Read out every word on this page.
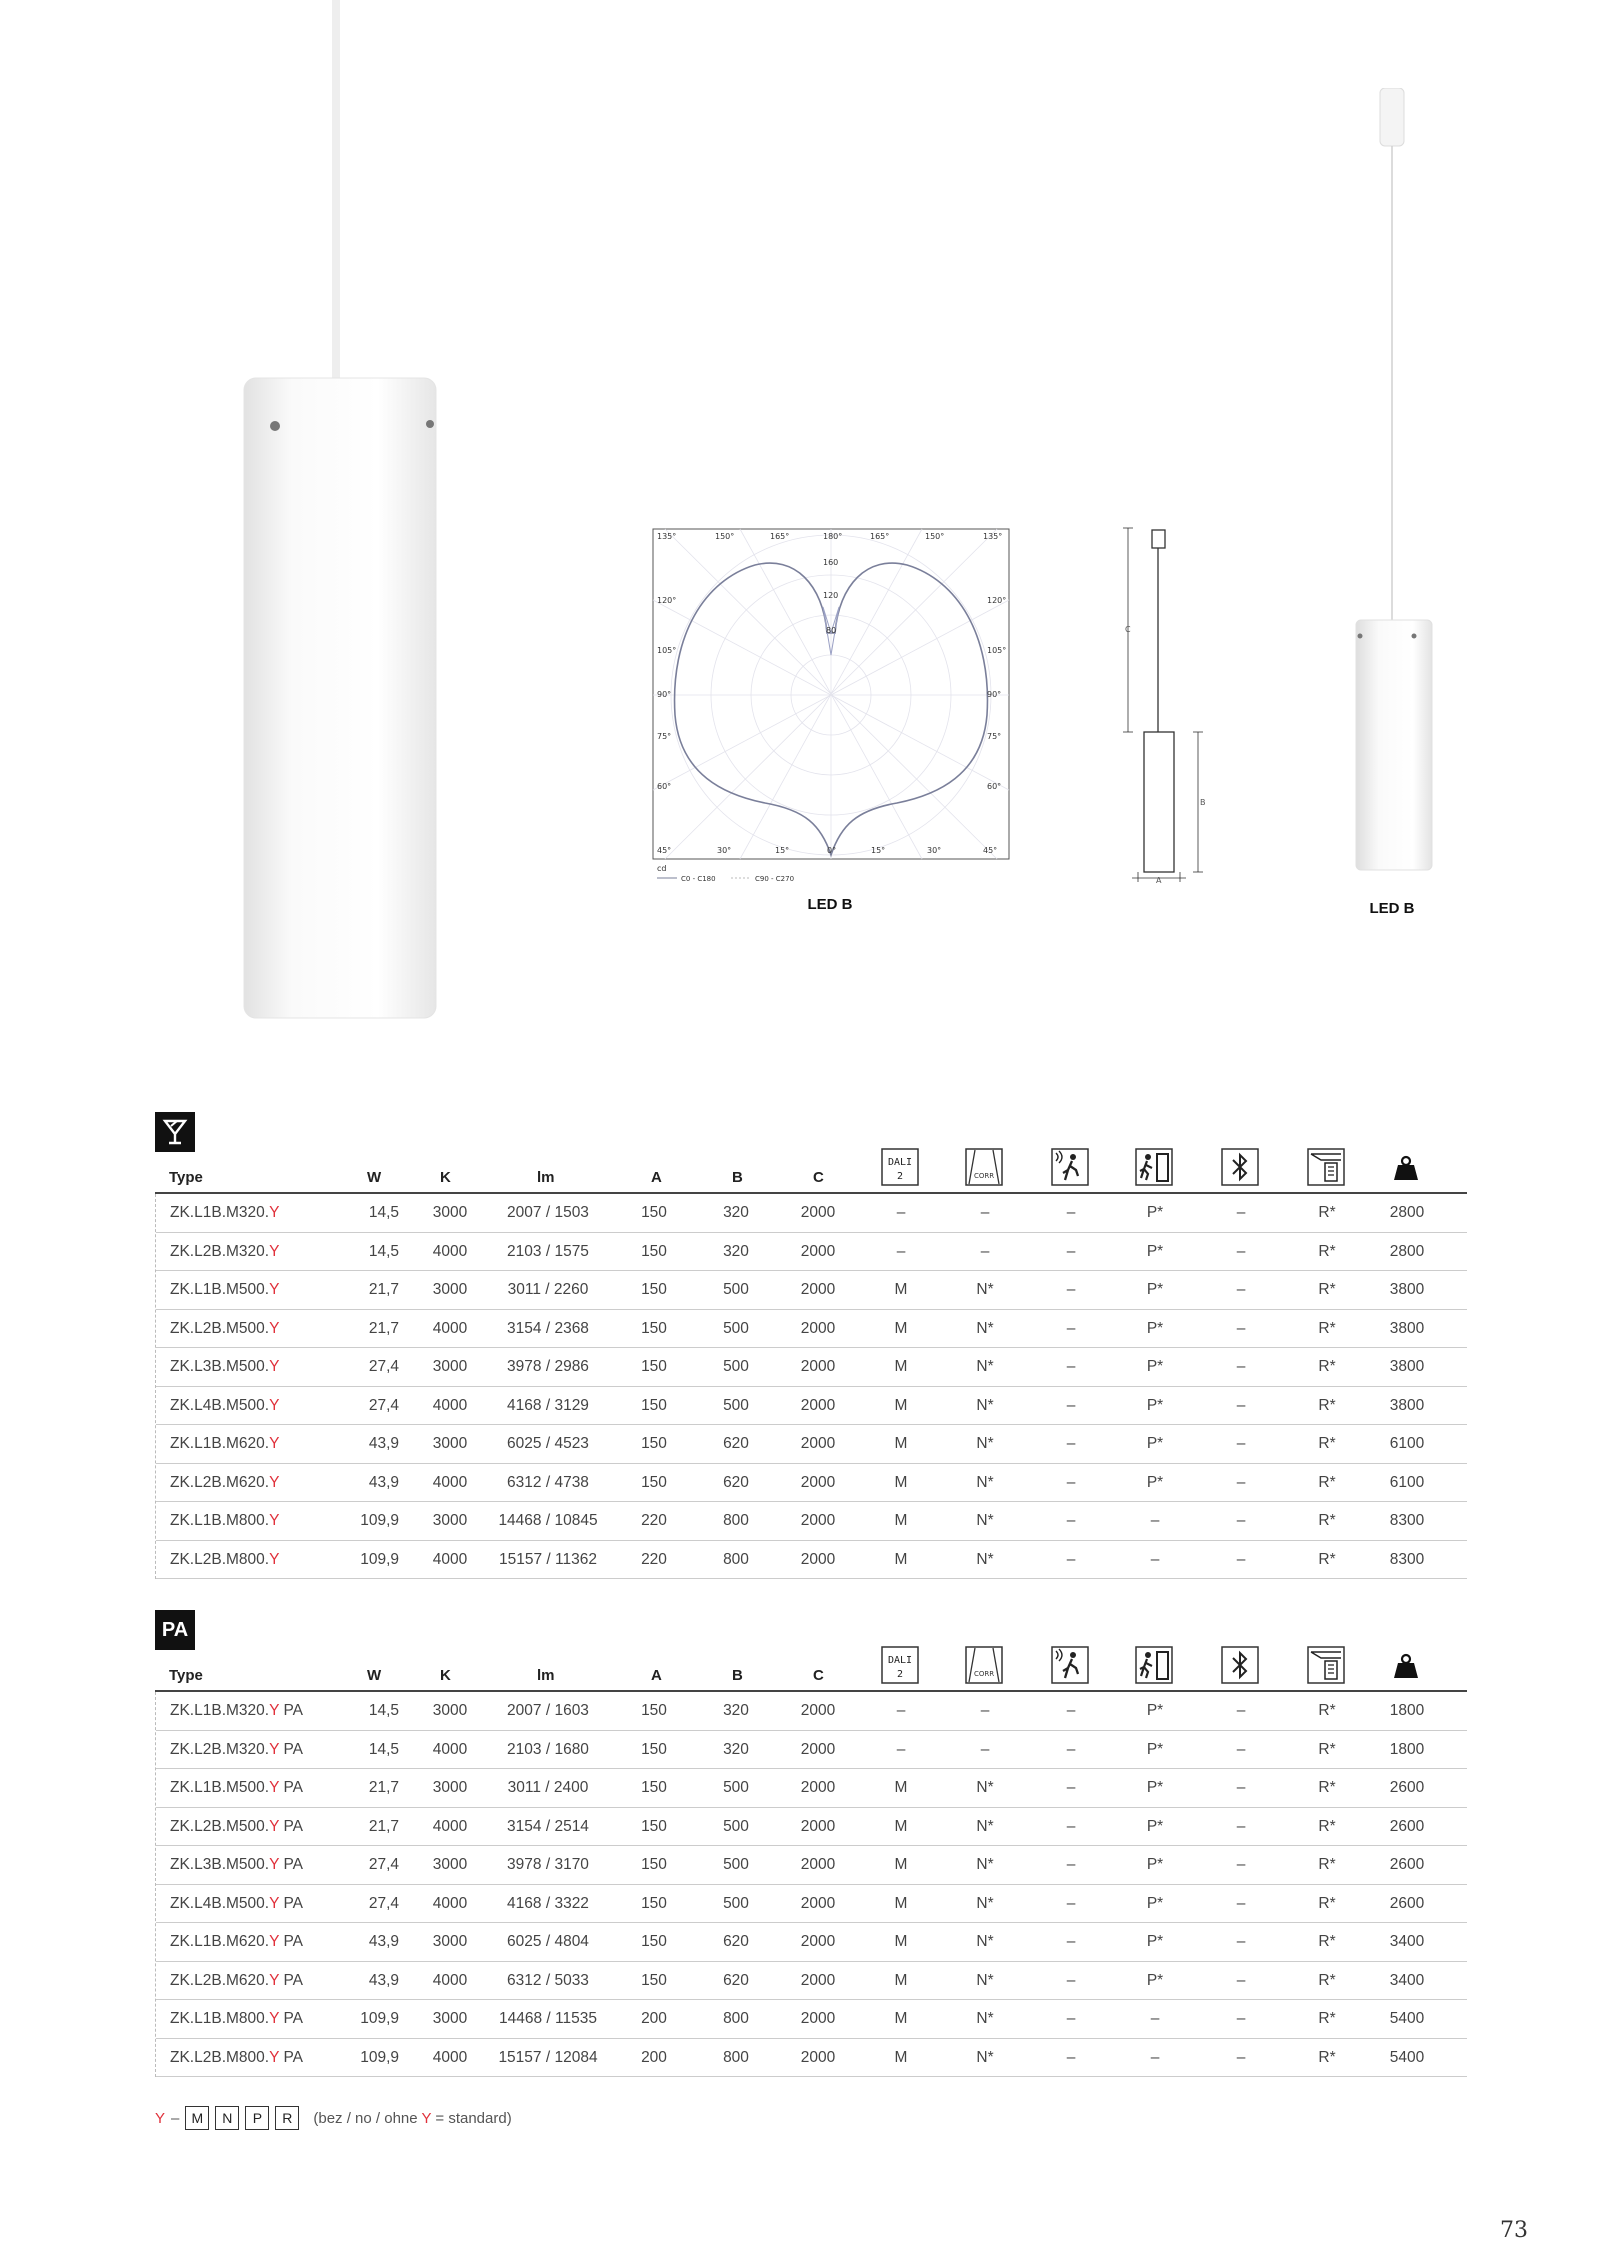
135°	150°	165°	180°	165°	150°	135°
120°
105°
90°
75°
60°
120°
105°
90°
75°
60°
45°	30°	15°	0°	15°	30°	45°
160
120
80
cd
C0 - C180	C90 - C270
LED B
C
B
A
LED B
Type	W	K	lm	A	B	C
DALI
2	CORR
ZK.L1B.M320.Y	14,5	3000	2007 / 1503	150	320	2000	–	–	–	P*	–	R*	2800
ZK.L2B.M320.Y	14,5	4000	2103 / 1575	150	320	2000	–	–	–	P*	–	R*	2800
ZK.L1B.M500.Y	21,7	3000	3011 / 2260	150	500	2000	M	N*	–	P*	–	R*	3800
ZK.L2B.M500.Y	21,7	4000	3154 / 2368	150	500	2000	M	N*	–	P*	–	R*	3800
ZK.L3B.M500.Y	27,4	3000	3978 / 2986	150	500	2000	M	N*	–	P*	–	R*	3800
ZK.L4B.M500.Y	27,4	4000	4168 / 3129	150	500	2000	M	N*	–	P*	–	R*	3800
ZK.L1B.M620.Y	43,9	3000	6025 / 4523	150	620	2000	M	N*	–	P*	–	R*	6100
ZK.L2B.M620.Y	43,9	4000	6312 / 4738	150	620	2000	M	N*	–	P*	–	R*	6100
ZK.L1B.M800.Y	109,9	3000	14468 / 10845	220	800	2000	M	N*	–	–	–	R*	8300
ZK.L2B.M800.Y	109,9	4000	15157 / 11362	220	800	2000	M	N*	–	–	–	R*	8300
PA
Type	W	K	lm	A	B	C
DALI
2	CORR
ZK.L1B.M320.Y PA	14,5	3000	2007 / 1603	150	320	2000	–	–	–	P*	–	R*	1800
ZK.L2B.M320.Y PA	14,5	4000	2103 / 1680	150	320	2000	–	–	–	P*	–	R*	1800
ZK.L1B.M500.Y PA	21,7	3000	3011 / 2400	150	500	2000	M	N*	–	P*	–	R*	2600
ZK.L2B.M500.Y PA	21,7	4000	3154 / 2514	150	500	2000	M	N*	–	P*	–	R*	2600
ZK.L3B.M500.Y PA	27,4	3000	3978 / 3170	150	500	2000	M	N*	–	P*	–	R*	2600
ZK.L4B.M500.Y PA	27,4	4000	4168 / 3322	150	500	2000	M	N*	–	P*	–	R*	2600
ZK.L1B.M620.Y PA	43,9	3000	6025 / 4804	150	620	2000	M	N*	–	P*	–	R*	3400
ZK.L2B.M620.Y PA	43,9	4000	6312 / 5033	150	620	2000	M	N*	–	P*	–	R*	3400
ZK.L1B.M800.Y PA	109,9	3000	14468 / 11535	200	800	2000	M	N*	–	–	–	R*	5400
ZK.L2B.M800.Y PA	109,9	4000	15157 / 12084	200	800	2000	M	N*	–	–	–	R*	5400
Y – M	N	P	R	(bez / no / ohne Y = standard)
73
